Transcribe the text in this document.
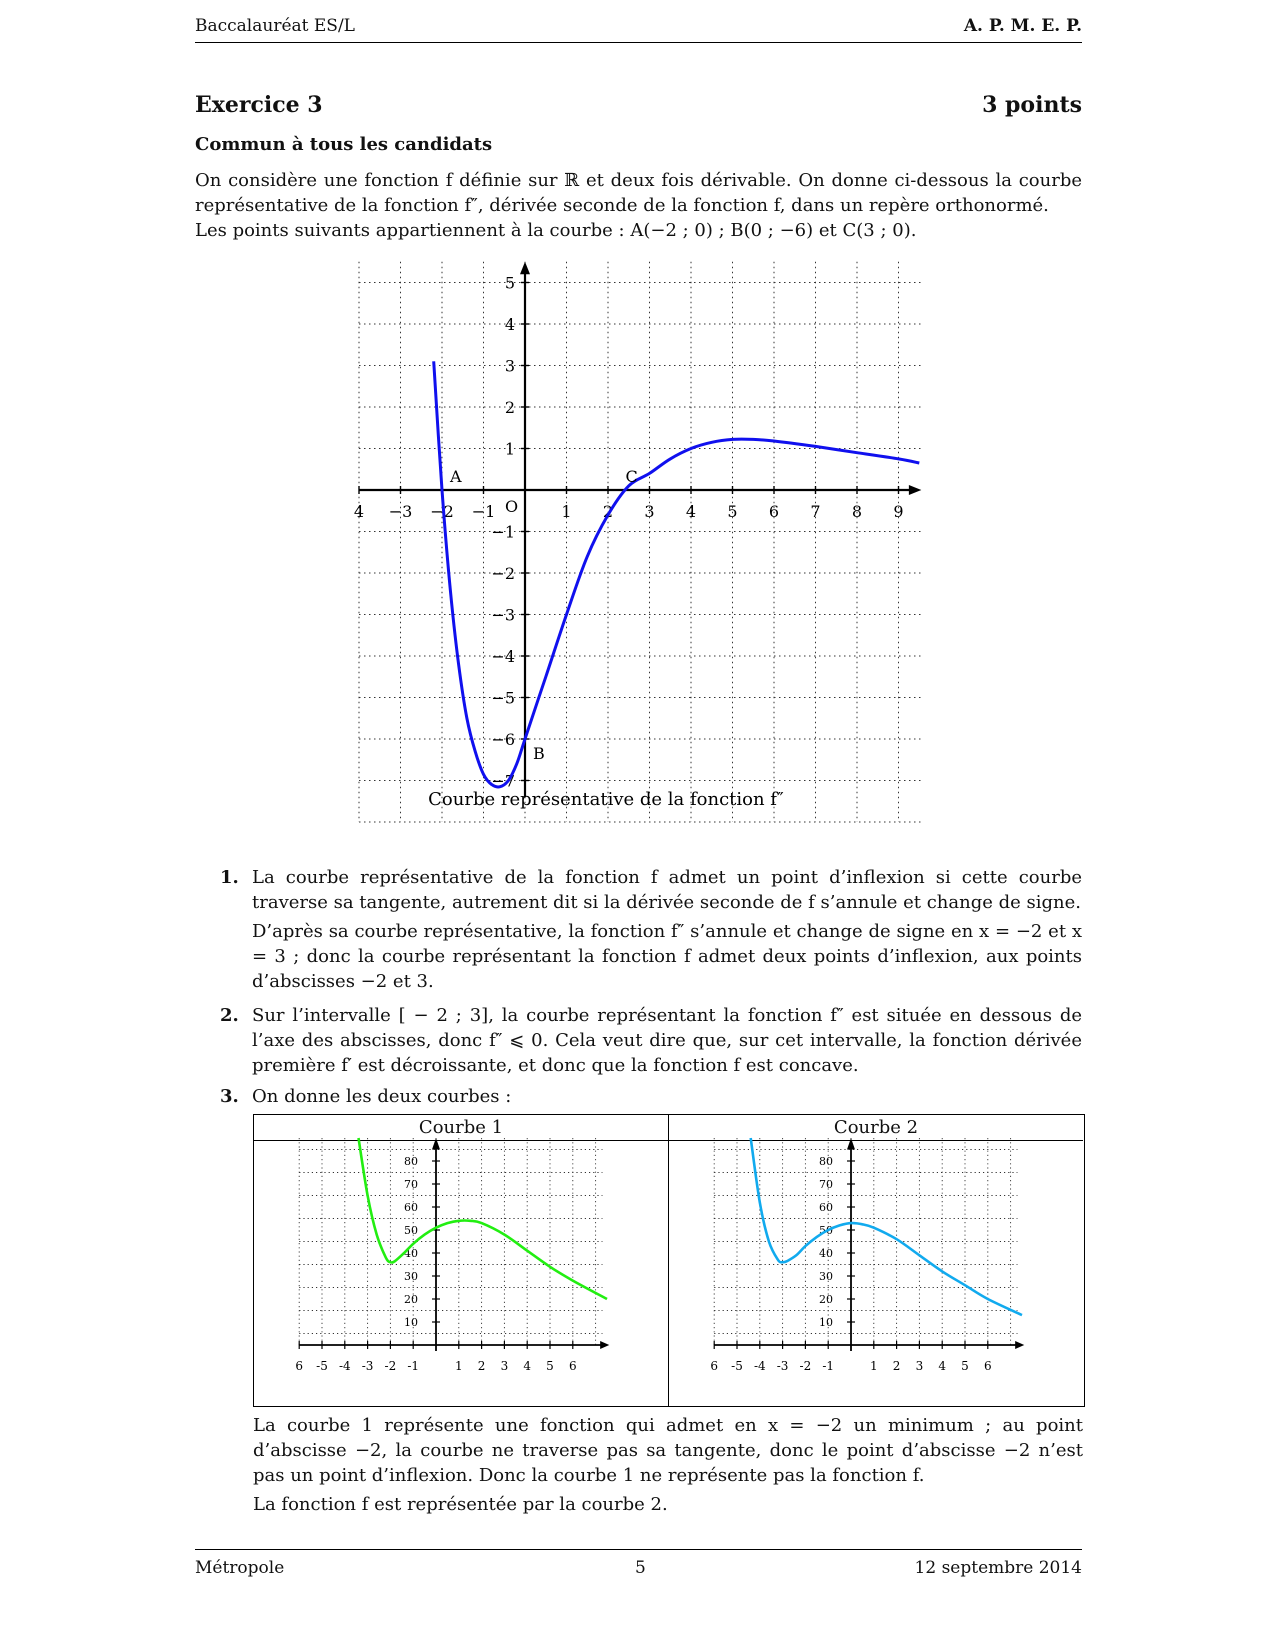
Baccalauréat ES/L	A. P. M. E. P.
Exercice 3	3 points
Commun à tous les candidats

On considère une fonction f définie sur ℝ et deux fois dérivable. On donne ci-dessous la courbe représentative de la fonction f″, dérivée seconde de la fonction f, dans un repère orthonormé.

Les points suivants appartiennent à la courbe : A(−2 ; 0) ; B(0 ; −6) et C(3 ; 0).

4 −3 −2 −1	1 2 3 4 5 6 7 8 9
5
4
3
2
1
−1
−2
−3
−4
−5
−6
−7
O
A
B
C
Courbe représentative de la fonction f″
1. La courbe représentative de la fonction f admet un point d’inflexion si cette courbe traverse sa tangente, autrement dit si la dérivée seconde de f s’annule et change de signe.

D’après sa courbe représentative, la fonction f″ s’annule et change de signe en x = −2 et x = 3 ; donc la courbe représentant la fonction f admet deux points d’inflexion, aux points d’abscisses −2 et 3.

2. Sur l’intervalle [ − 2 ; 3], la courbe représentant la fonction f″ est située en dessous de l’axe des abscisses, donc f″ ⩽ 0. Cela veut dire que, sur cet intervalle, la fonction dérivée première f′ est décroissante, et donc que la fonction f est concave.

3. On donne les deux courbes :

Courbe 1
6 -5 -4 -3 -2 -1	1 2 3 4 5 6
10
20
30
40
50
60
70
80
Courbe 2
6 -5 -4 -3 -2 -1	1 2 3 4 5 6
10
20
30
40
50
60
70
80

La courbe 1 représente une fonction qui admet en x = −2 un minimum ; au point d’abscisse −2, la courbe ne traverse pas sa tangente, donc le point d’abscisse −2 n’est pas un point d’inflexion. Donc la courbe 1 ne représente pas la fonction f.

La fonction f est représentée par la courbe 2.

Métropole	5	12 septembre 2014
